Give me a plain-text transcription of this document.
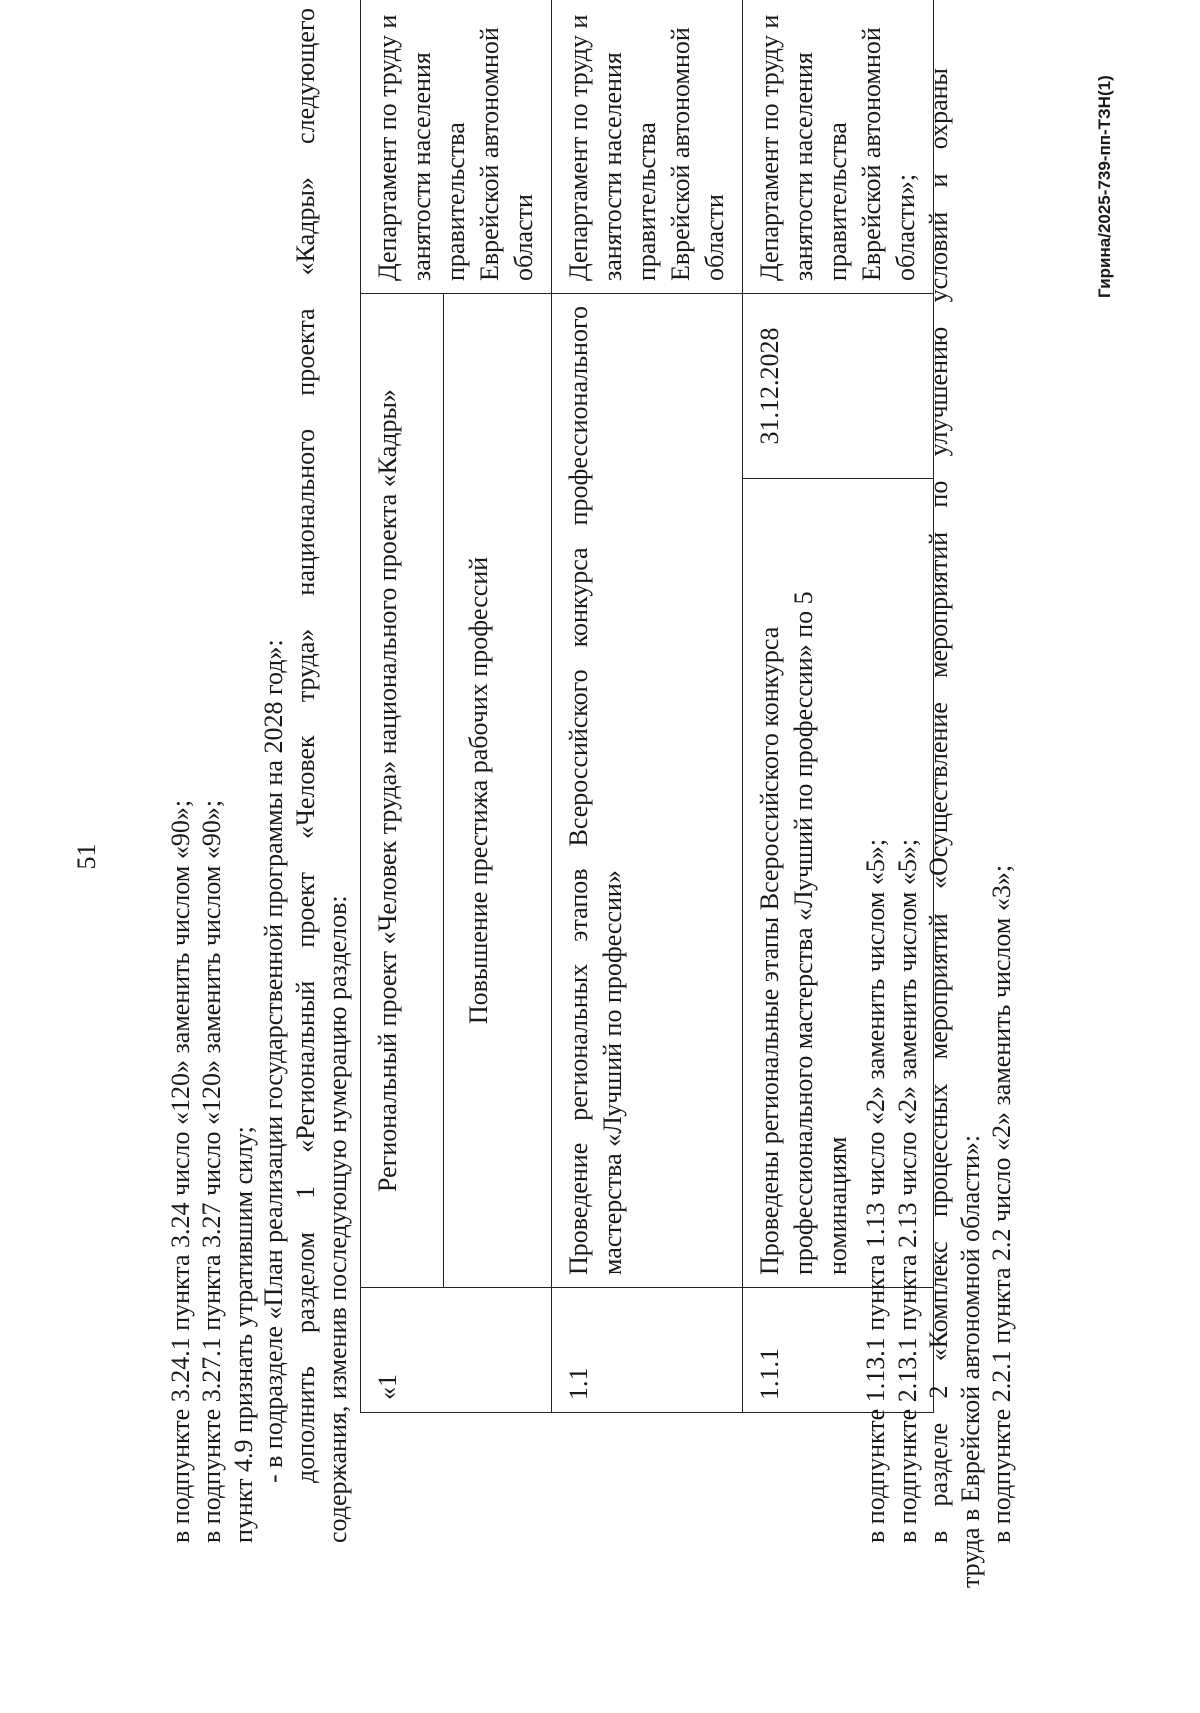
51	в подпункте 3.24.1 пункта 3.24 число «120» заменить числом «90»; в подпункте 3.27.1 пункта 3.27 число «120» заменить числом «90»; пункт 4.9 признать утратившим силу; - в подразделе «План реализации государственной программы на 2028 год»: дополнить разделом 1 «Региональный проект «Человек труда» национального проекта «Кадры» следующего содержания, изменив последующую нумерацию разделов: «1	Региональный проект «Человек труда» национального проекта «Кадры»		Департамент по труду и занятости населения правительства Еврейской автономной области
	Повышение престижа рабочих профессий		
1.1	Проведение региональных этапов Всероссийского конкурса профессионального мастерства «Лучший по профессии»		Департамент по труду и занятости населения правительства Еврейской автономной области
1.1.1	Проведены региональные этапы Всероссийского конкурса профессионального мастерства «Лучший по профессии» по 5 номинациям	31.12.2028	Департамент по труду и занятости населения правительства Еврейской автономной области»;
в подпункте 1.13.1 пункта 1.13 число «2» заменить числом «5»; в подпункте 2.13.1 пункта 2.13 число «2» заменить числом «5»; в разделе 2 «Комплекс процессных мероприятий «Осуществление мероприятий по улучшению условий и охраны труда в Еврейской автономной области»: в подпункте 2.2.1 пункта 2.2 число «2» заменить числом «3»;
Гирина/2025-739-пп-ТЗН(1)
